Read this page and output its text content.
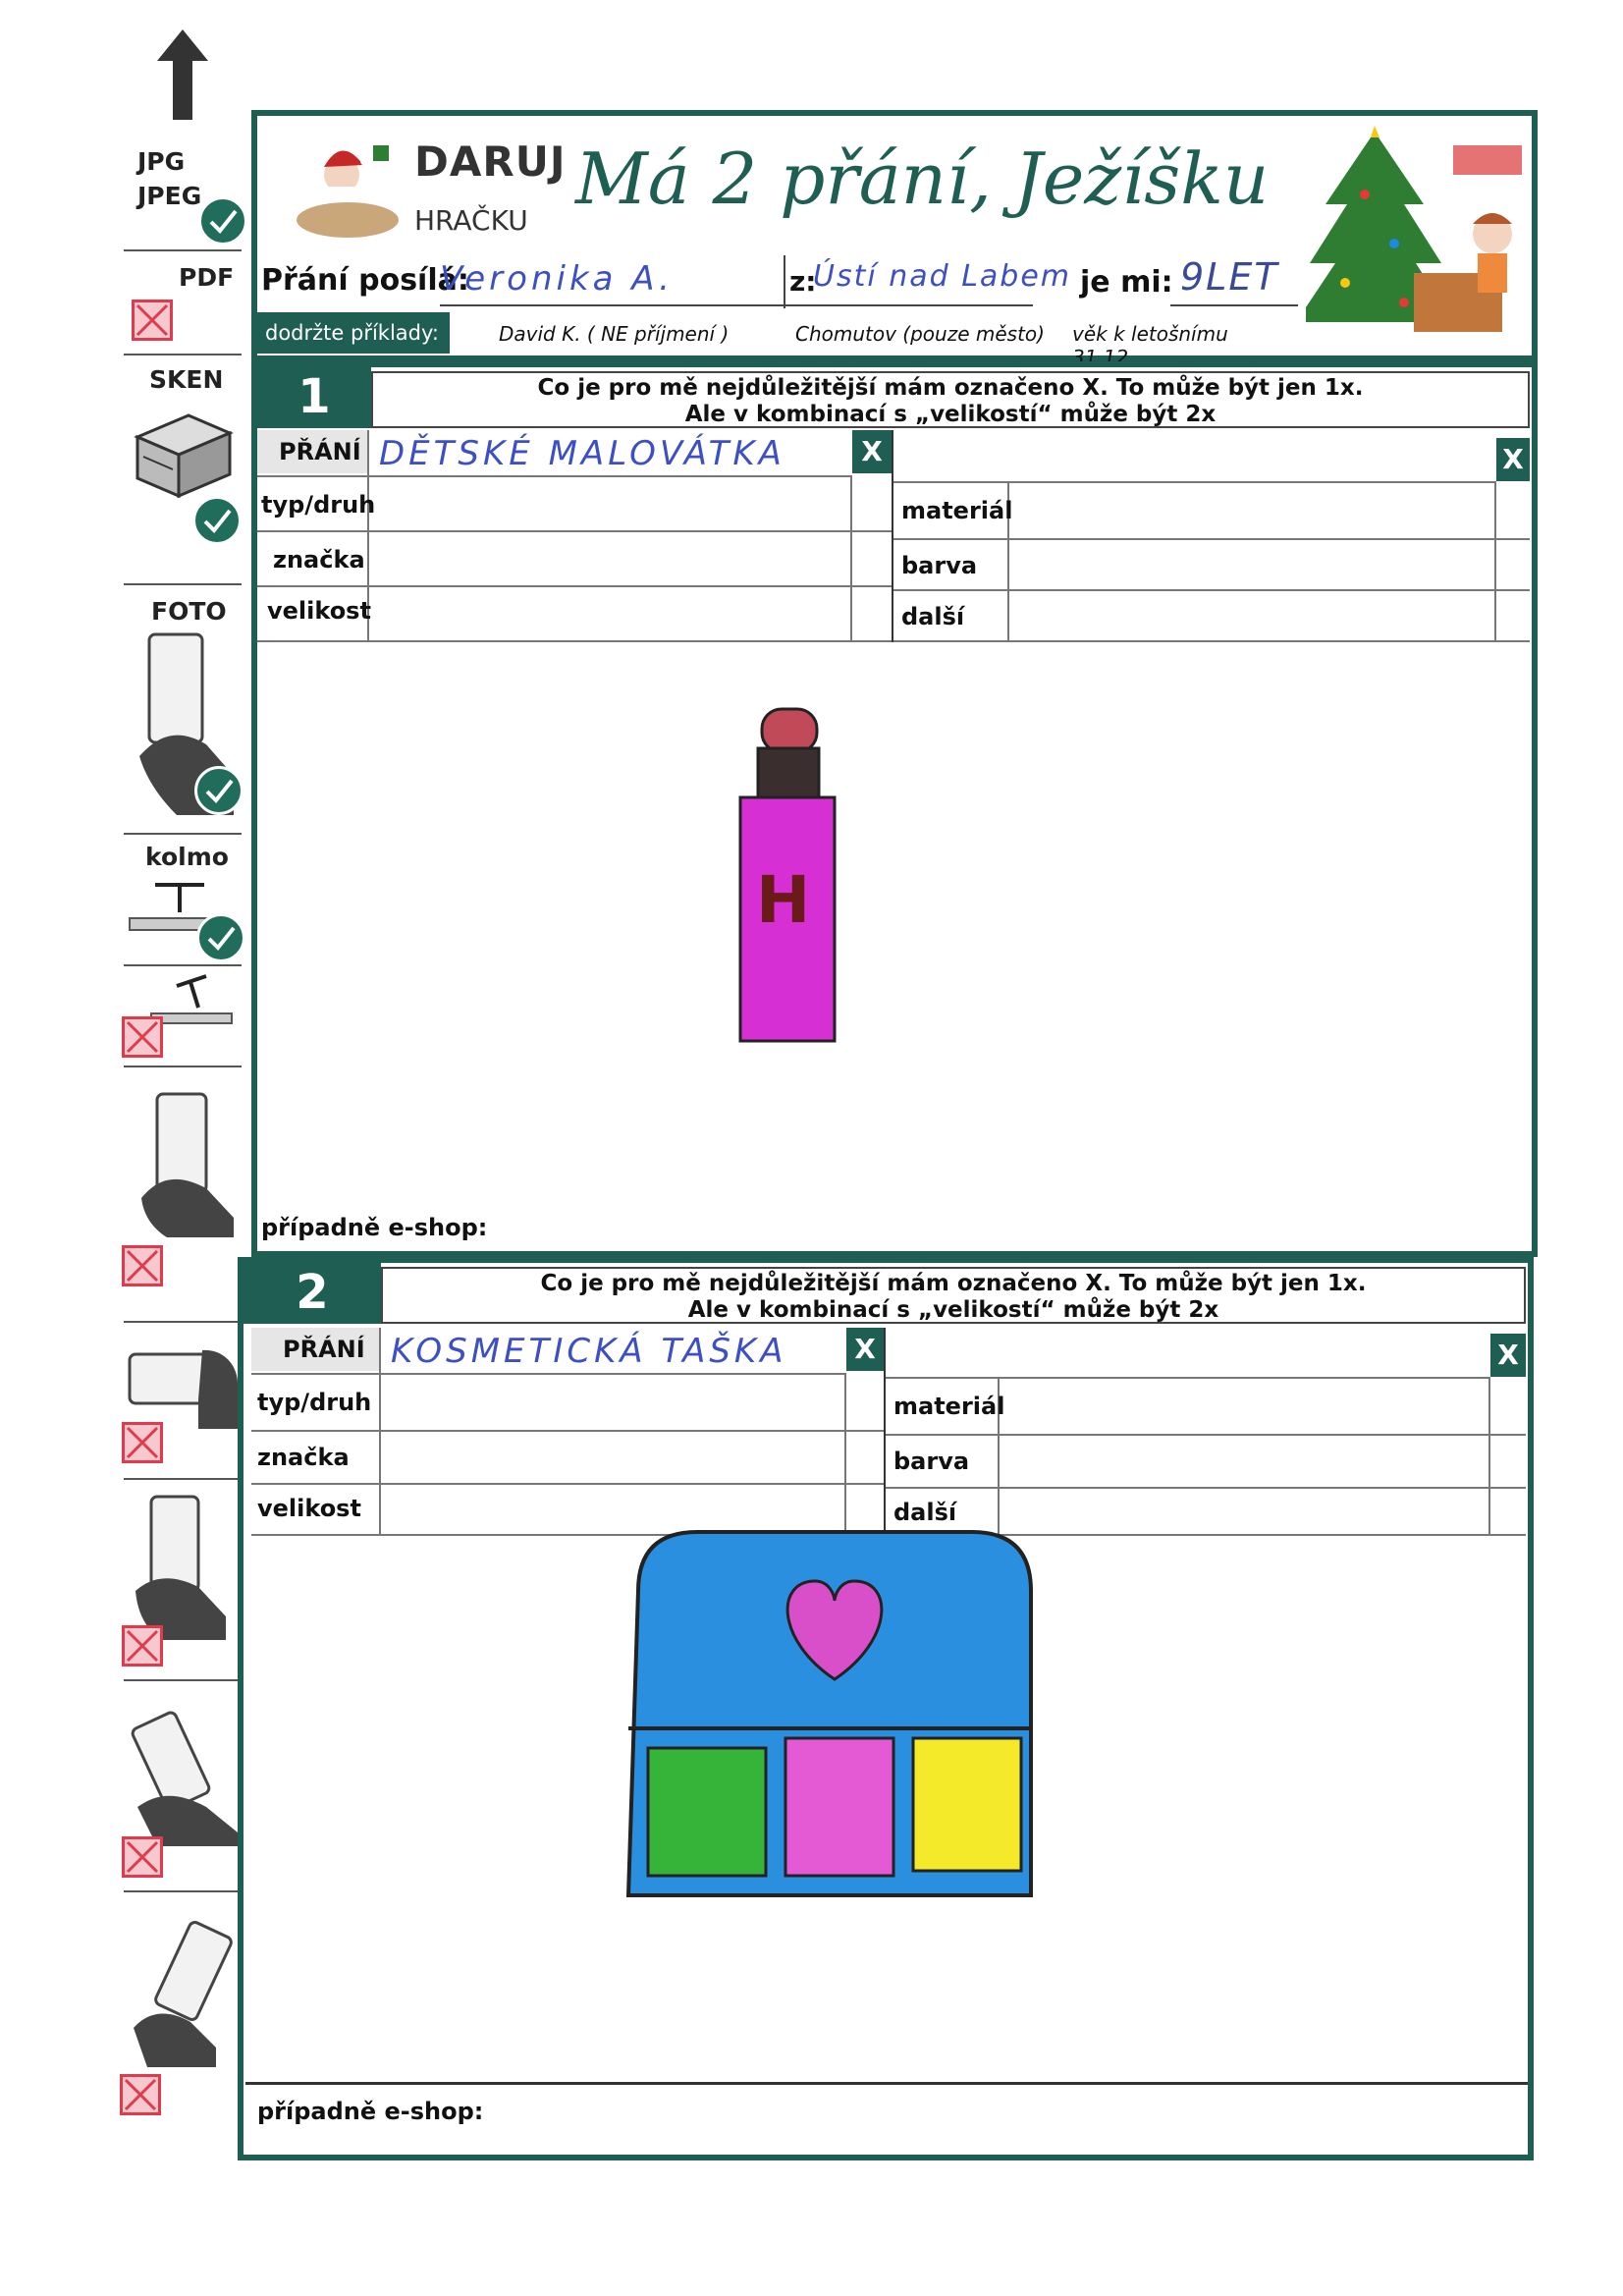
JPG
JPEG
PDF
SKEN
FOTO
kolmo
DARUJ
HRAČKU
Má 2 přání, Ježíšku
Přání posílá:
Veronika A.	z:
Ústí nad Labem je mi: 9LET
dodržte příklady:	David K. ( NE příjmení )	Chomutov (pouze město) věk k letošnímu 31.12.
1	Co je pro mě nejdůležitější mám označeno X. To může být jen 1x.
Ale v kombinací s „velikostí“ může být 2x
PŘÁNÍ DĚTSKÉ MALOVÁTKA	X	X
typ/druh
značka
velikost
materiál
barva
další
H
případně e-shop:
2	Co je pro mě nejdůležitější mám označeno X. To může být jen 1x.
Ale v kombinací s „velikostí“ může být 2x
PŘÁNÍ KOSMETICKÁ TAŠKA X	X
typ/druh
značka
velikost
materiál
barva
další
případně e-shop:
